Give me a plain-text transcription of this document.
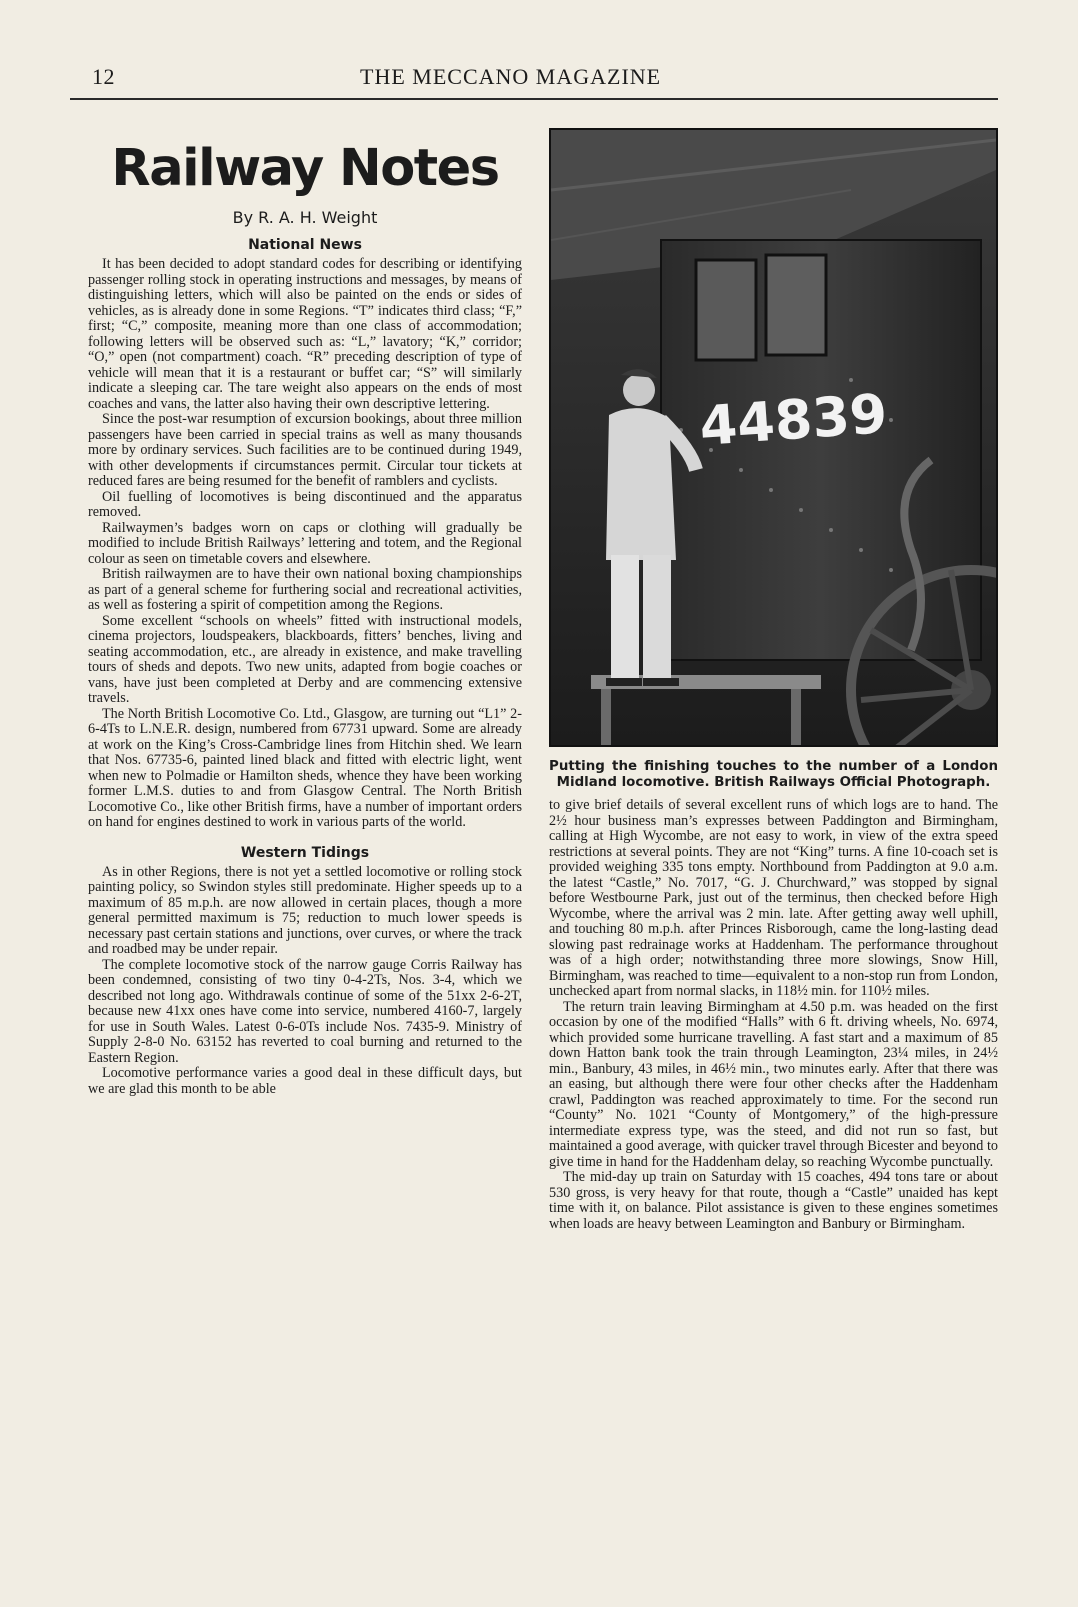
12	THE MECCANO MAGAZINE
Railway Notes
By R. A. H. Weight
National News

It has been decided to adopt standard codes for describing or identifying passenger rolling stock in operating instructions and messages, by means of distinguishing letters, which will also be painted on the ends or sides of vehicles, as is already done in some Regions. “T” indicates third class; “F,” first; “C,” composite, meaning more than one class of accommodation; following letters will be observed such as: “L,” lavatory; “K,” corridor; “O,” open (not compartment) coach. “R” preceding description of type of vehicle will mean that it is a restaurant or buffet car; “S” will similarly indicate a sleeping car. The tare weight also appears on the ends of most coaches and vans, the latter also having their own descriptive lettering.

Since the post-war resumption of excursion bookings, about three million passengers have been carried in special trains as well as many thousands more by ordinary services. Such facilities are to be continued during 1949, with other developments if circumstances permit. Circular tour tickets at reduced fares are being resumed for the benefit of ramblers and cyclists.

Oil fuelling of locomotives is being discontinued and the apparatus removed.

Railwaymen’s badges worn on caps or clothing will gradually be modified to include British Railways’ lettering and totem, and the Regional colour as seen on timetable covers and elsewhere.

British railwaymen are to have their own national boxing championships as part of a general scheme for furthering social and recreational activities, as well as fostering a spirit of competition among the Regions.

Some excellent “schools on wheels” fitted with instructional models, cinema projectors, loudspeakers, blackboards, fitters’ benches, living and seating accommodation, etc., are already in existence, and make travelling tours of sheds and depots. Two new units, adapted from bogie coaches or vans, have just been completed at Derby and are commencing extensive travels.

The North British Locomotive Co. Ltd., Glasgow, are turning out “L1” 2-6-4Ts to L.N.E.R. design, numbered from 67731 upward. Some are already at work on the King’s Cross-Cambridge lines from Hitchin shed. We learn that Nos. 67735-6, painted lined black and fitted with electric light, went when new to Polmadie or Hamilton sheds, whence they have been working former L.M.S. duties to and from Glasgow Central. The North British Locomotive Co., like other British firms, have a number of important orders on hand for engines destined to work in various parts of the world.

Western Tidings

As in other Regions, there is not yet a settled locomotive or rolling stock painting policy, so Swindon styles still predominate. Higher speeds up to a maximum of 85 m.p.h. are now allowed in certain places, though a more general permitted maximum is 75; reduction to much lower speeds is necessary past certain stations and junctions, over curves, or where the track and roadbed may be under repair.

The complete locomotive stock of the narrow gauge Corris Railway has been condemned, consisting of two tiny 0-4-2Ts, Nos. 3-4, which we described not long ago. Withdrawals continue of some of the 51xx 2-6-2T, because new 41xx ones have come into service, numbered 4160-7, largely for use in South Wales. Latest 0-6-0Ts include Nos. 7435-9. Ministry of Supply 2-8-0 No. 63152 has reverted to coal burning and returned to the Eastern Region.

Locomotive performance varies a good deal in these difficult days, but we are glad this month to be able

44839
Putting the finishing touches to the number of a London Midland locomotive. British Railways Official Photograph.

to give brief details of several excellent runs of which logs are to hand. The 2½ hour business man’s expresses between Paddington and Birmingham, calling at High Wycombe, are not easy to work, in view of the extra speed restrictions at several points. They are not “King” turns. A fine 10-coach set is provided weighing 335 tons empty. Northbound from Paddington at 9.0 a.m. the latest “Castle,” No. 7017, “G. J. Churchward,” was stopped by signal before Westbourne Park, just out of the terminus, then checked before High Wycombe, where the arrival was 2 min. late. After getting away well uphill, and touching 80 m.p.h. after Princes Risborough, came the long-lasting dead slowing past redrainage works at Haddenham. The performance throughout was of a high order; notwithstanding three more slowings, Snow Hill, Birmingham, was reached to time—equivalent to a non-stop run from London, unchecked apart from normal slacks, in 118½ min. for 110½ miles.

The return train leaving Birmingham at 4.50 p.m. was headed on the first occasion by one of the modified “Halls” with 6 ft. driving wheels, No. 6974, which provided some hurricane travelling. A fast start and a maximum of 85 down Hatton bank took the train through Leamington, 23¼ miles, in 24½ min., Banbury, 43 miles, in 46½ min., two minutes early. After that there was an easing, but although there were four other checks after the Haddenham crawl, Paddington was reached approximately to time. For the second run “County” No. 1021 “County of Montgomery,” of the high-pressure intermediate express type, was the steed, and did not run so fast, but maintained a good average, with quicker travel through Bicester and beyond to give time in hand for the Haddenham delay, so reaching Wycombe punctually.

The mid-day up train on Saturday with 15 coaches, 494 tons tare or about 530 gross, is very heavy for that route, though a “Castle” unaided has kept time with it, on balance. Pilot assistance is given to these engines sometimes when loads are heavy between Leamington and Banbury or Birmingham.
